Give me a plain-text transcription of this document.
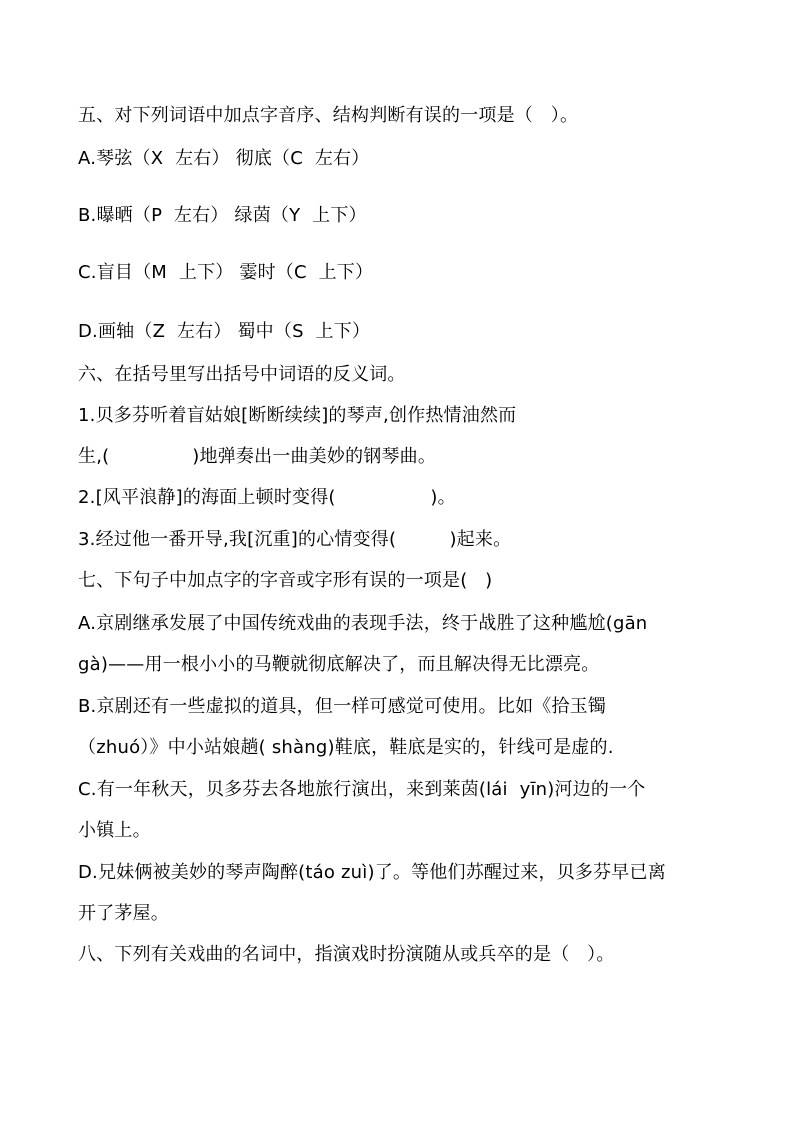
五、对下列词语中加点字音序、结构判断有误的一项是（   ）。
A.琴弦（X  左右） 彻底（C  左右）
B.曝晒（P  左右） 绿茵（Y  上下）
C.盲目（M  上下） 霎时（C  上下）
D.画轴（Z  左右） 蜀中（S  上下）
六、在括号里写出括号中词语的反义词。
1.贝多芬听着盲姑娘[断断续续]的琴声,创作热情油然而
生,(              )地弹奏出一曲美妙的钢琴曲。
2.[风平浪静]的海面上顿时变得(                )。
3.经过他一番开导,我[沉重]的心情变得(         )起来。
七、下句子中加点字的字音或字形有误的一项是(   )
A.京剧继承发展了中国传统戏曲的表现手法，终于战胜了这种尴尬(gān
gà)——用一根小小的马鞭就彻底解决了，而且解决得无比漂亮。
B.京剧还有一些虚拟的道具，但一样可感觉可使用。比如《拾玉镯
（zhuó）》中小站娘趟( shàng)鞋底，鞋底是实的，针线可是虚的.
C.有一年秋天，贝多芬去各地旅行演出，来到莱茵(lái  yīn)河边的一个
小镇上。
D.兄妹俩被美妙的琴声陶醉(táo zuì)了。等他们苏醒过来，贝多芬早已离
开了茅屋。
八、下列有关戏曲的名词中，指演戏时扮演随从或兵卒的是（   ）。
